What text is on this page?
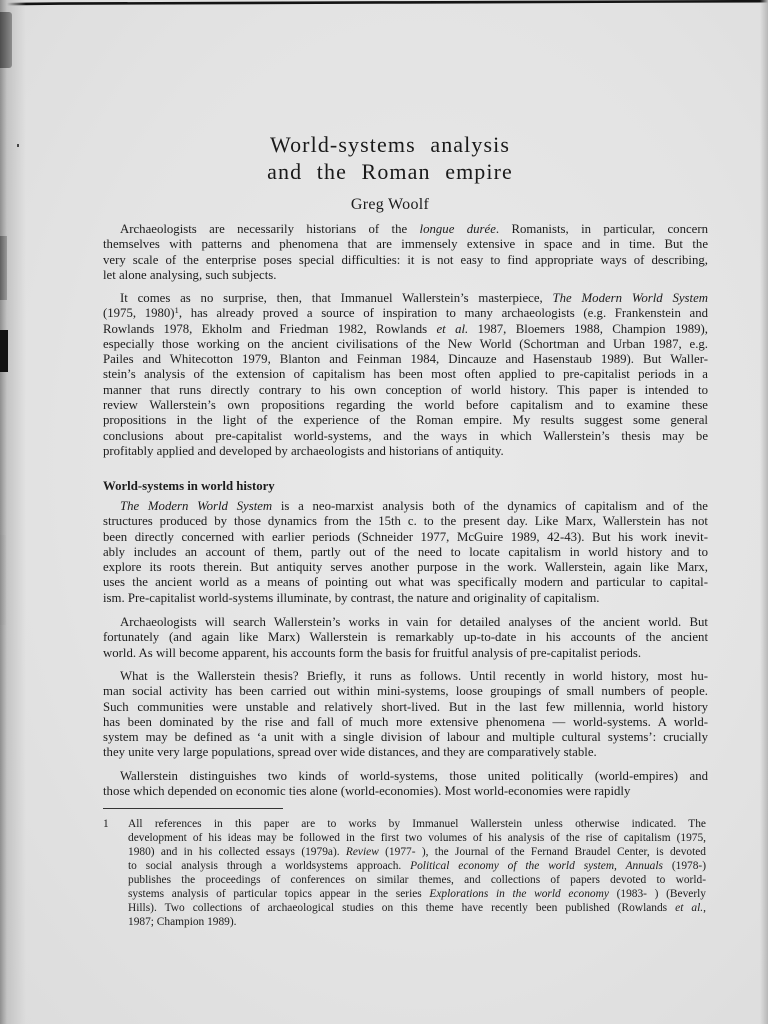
World-systems analysis
and the Roman empire
Greg Woolf
Archaeologists are necessarily historians of the longue durée. Romanists, in particular, concern
themselves with patterns and phenomena that are immensely extensive in space and in time. But the
very scale of the enterprise poses special difficulties: it is not easy to find appropriate ways of describing,
let alone analysing, such subjects.
It comes as no surprise, then, that Immanuel Wallerstein’s masterpiece, The Modern World System
(1975, 1980)$^1$, has already proved a source of inspiration to many archaeologists (e.g. Frankenstein and
Rowlands 1978, Ekholm and Friedman 1982, Rowlands et al. 1987, Bloemers 1988, Champion 1989),
especially those working on the ancient civilisations of the New World (Schortman and Urban 1987, e.g.
Pailes and Whitecotton 1979, Blanton and Feinman 1984, Dincauze and Hasenstaub 1989). But Waller-
stein’s analysis of the extension of capitalism has been most often applied to pre-capitalist periods in a
manner that runs directly contrary to his own conception of world history. This paper is intended to
review Wallerstein’s own propositions regarding the world before capitalism and to examine these
propositions in the light of the experience of the Roman empire. My results suggest some general
conclusions about pre-capitalist world-systems, and the ways in which Wallerstein’s thesis may be
profitably applied and developed by archaeologists and historians of antiquity.
World-systems in world history
The Modern World System is a neo-marxist analysis both of the dynamics of capitalism and of the
structures produced by those dynamics from the 15th c. to the present day. Like Marx, Wallerstein has not
been directly concerned with earlier periods (Schneider 1977, McGuire 1989, 42-43). But his work inevit-
ably includes an account of them, partly out of the need to locate capitalism in world history and to
explore its roots therein. But antiquity serves another purpose in the work. Wallerstein, again like Marx,
uses the ancient world as a means of pointing out what was specifically modern and particular to capital-
ism. Pre-capitalist world-systems illuminate, by contrast, the nature and originality of capitalism.
Archaeologists will search Wallerstein’s works in vain for detailed analyses of the ancient world. But
fortunately (and again like Marx) Wallerstein is remarkably up-to-date in his accounts of the ancient
world. As will become apparent, his accounts form the basis for fruitful analysis of pre-capitalist periods.
What is the Wallerstein thesis? Briefly, it runs as follows. Until recently in world history, most hu-
man social activity has been carried out within mini-systems, loose groupings of small numbers of people.
Such communities were unstable and relatively short-lived. But in the last few millennia, world history
has been dominated by the rise and fall of much more extensive phenomena — world-systems. A world-
system may be defined as ‘a unit with a single division of labour and multiple cultural systems’: crucially
they unite very large populations, spread over wide distances, and they are comparatively stable.
Wallerstein distinguishes two kinds of world-systems, those united politically (world-empires) and
those which depended on economic ties alone (world-economies). Most world-economies were rapidly
1 All references in this paper are to works by Immanuel Wallerstein unless otherwise indicated. The
development of his ideas may be followed in the first two volumes of his analysis of the rise of capitalism (1975,
1980) and in his collected essays (1979a). Review (1977- ), the Journal of the Fernand Braudel Center, is devoted
to social analysis through a worldsystems approach. Political economy of the world system, Annuals (1978-)
publishes the proceedings of conferences on similar themes, and collections of papers devoted to world-
systems analysis of particular topics appear in the series Explorations in the world economy (1983- ) (Beverly
Hills). Two collections of archaeological studies on this theme have recently been published (Rowlands et al.,
1987; Champion 1989).
